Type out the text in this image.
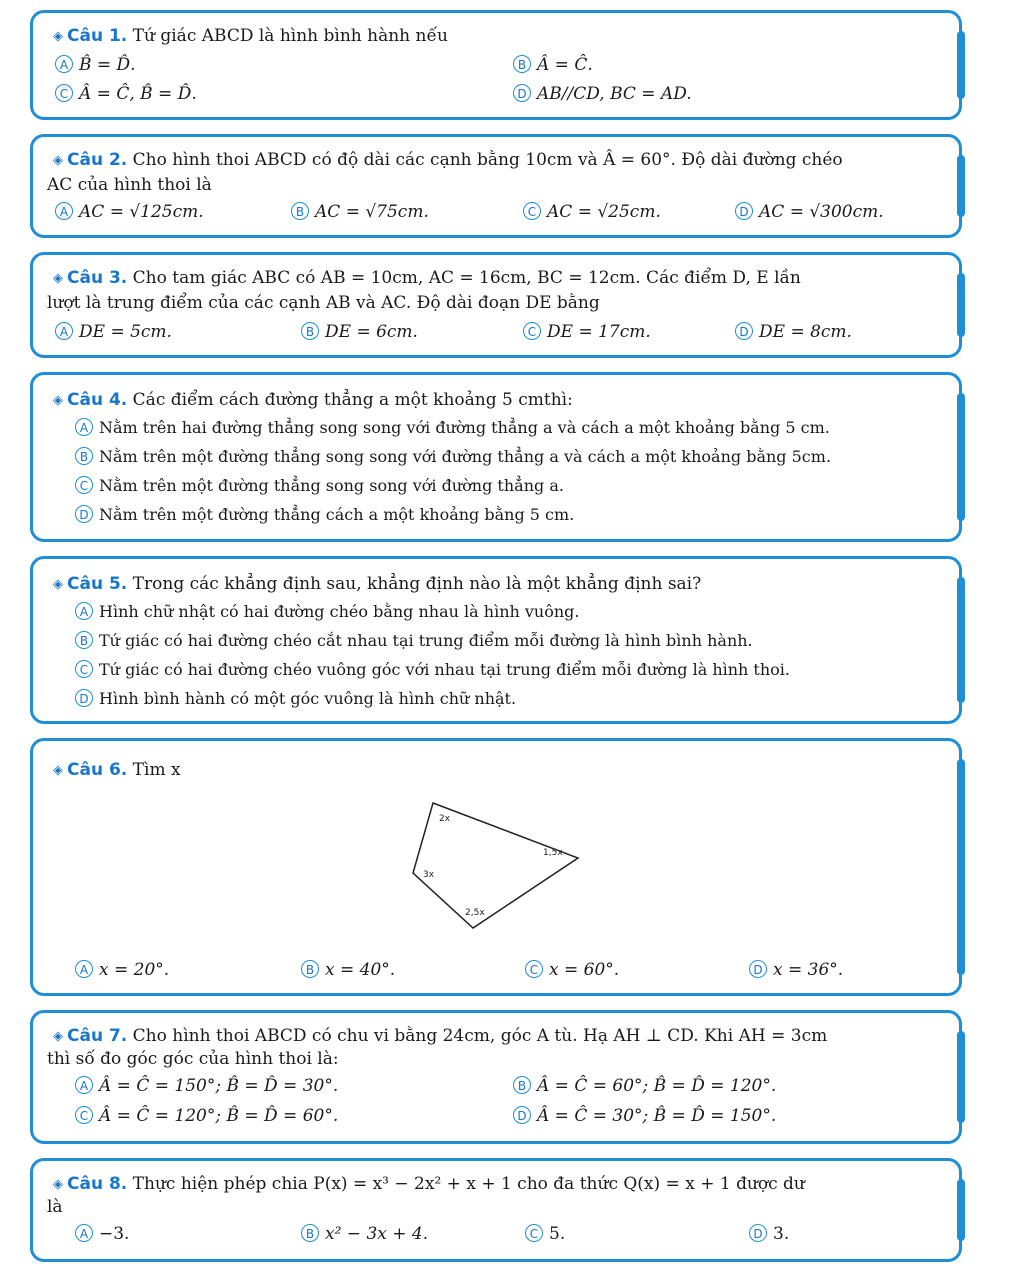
◈ Câu 1. Tứ giác ABCD là hình bình hành nếu
A B̂ = D̂.	B Â = Ĉ.
C Â = Ĉ, B̂ = D̂.	D AB//CD, BC = AD.
◈ Câu 2. Cho hình thoi ABCD có độ dài các cạnh bằng 10cm và Â = 60°. Độ dài đường chéo
AC của hình thoi là
A AC = √125cm.	B AC = √75cm.	C AC = √25cm.	D AC = √300cm.
◈ Câu 3. Cho tam giác ABC có AB = 10cm, AC = 16cm, BC = 12cm. Các điểm D, E lần
lượt là trung điểm của các cạnh AB và AC. Độ dài đoạn DE bằng
A DE = 5cm.	B DE = 6cm.	C DE = 17cm.	D DE = 8cm.
◈ Câu 4. Các điểm cách đường thẳng a một khoảng 5 cmthì:
A Nằm trên hai đường thẳng song song với đường thẳng a và cách a một khoảng bằng 5 cm.
B Nằm trên một đường thẳng song song với đường thẳng a và cách a một khoảng bằng 5cm.
C Nằm trên một đường thẳng song song với đường thẳng a.
D Nằm trên một đường thẳng cách a một khoảng bằng 5 cm.
◈ Câu 5. Trong các khẳng định sau, khẳng định nào là một khẳng định sai?
A Hình chữ nhật có hai đường chéo bằng nhau là hình vuông.
B Tứ giác có hai đường chéo cắt nhau tại trung điểm mỗi đường là hình bình hành.
C Tứ giác có hai đường chéo vuông góc với nhau tại trung điểm mỗi đường là hình thoi.
D Hình bình hành có một góc vuông là hình chữ nhật.
◈ Câu 6. Tìm x
2x
1,5x
3x
2,5x
A x = 20°.	B x = 40°.	C x = 60°.	D x = 36°.
◈ Câu 7. Cho hình thoi ABCD có chu vi bằng 24cm, góc A tù. Hạ AH ⊥ CD. Khi AH = 3cm
thì số đo góc góc của hình thoi là:
A Â = Ĉ = 150°; B̂ = D̂ = 30°.	B Â = Ĉ = 60°; B̂ = D̂ = 120°.
C Â = Ĉ = 120°; B̂ = D̂ = 60°.	D Â = Ĉ = 30°; B̂ = D̂ = 150°.
◈ Câu 8. Thực hiện phép chia P(x) = x³ − 2x² + x + 1 cho đa thức Q(x) = x + 1 được dư
là
A −3.	B x² − 3x + 4.	C 5.	D 3.
